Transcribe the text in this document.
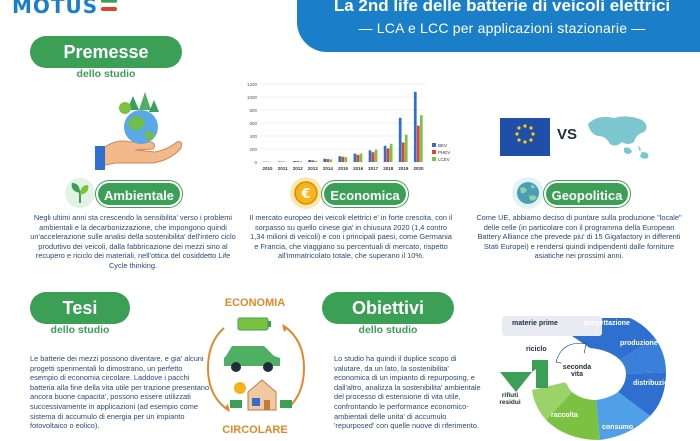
MOTUS	La 2nd life delle batterie di veicoli elettrici
— LCA e LCC per applicazioni stazionarie —
Premesse
dello studio
0
200
400
600
800
1000
1200
2010 2011 2012 2013 2014 2015 2016 2017 2018 2019 2020
BEV
PHEV
LCEV
VS
Ambientale
Negli ultimi anni sta crescendo la sensibilita' verso i problemi ambientali e la decarbonizzazione, che impongono quindi un'accelerazione sulle analisi della sostenibilita' dell'intero ciclo produttivo dei veicoli, dalla fabbricazione dei mezzi sino al recupero e riciclo dei materiali, nell'ottica del cosiddetto Life Cycle thinking.
€	Economica
Il mercato europeo dei veicoli elettrici e' in forte crescita, con il sorpasso su quello cinese gia' in chiusura 2020 (1,4 contro 1,34 milioni di veicoli) e con i principali paesi, come Germania e Francia, che viaggiano su percentuali di mercato, rispetto all'immatricolato totale, che superano il 10%.
Geopolitica
Come UE, abbiamo deciso di puntare sulla produzione "locale" delle celle (in particolare con il programma della European Battery Alliance che prevede piu' di 15 Gigafactory in differenti Stati Europei) e rendersi quindi indipendenti dalle forniture asiatiche nei prossimi anni.
Tesi
dello studio
Le batterie dei mezzi possono diventare, e gia' alcuni progetti sperimentali lo dimostrano, un perfetto esempio di economia circolare. Laddove i pacchi batteria alla fine della vita utile per trazione presentano ancora buone capacita', possono essere utilizzati successivamente in applicazioni (ad esempio come sistema di accumulo di energia per un impianto fotovoltaico o eolico).
ECONOMIA
CIRCOLARE
Obiettivi
dello studio
Lo studio ha quindi il duplice scopo di valutare, da un lato, la sostenibilita' economica di un impianto di repurposing, e dall'altro, analizza la sostenibilita' ambientale del processo di estensione di vita utile, confrontando le performance economico-ambientali delle unita' di accumulo 'repurposed' con quelle nuove di riferimento.
materie prime	progettazione
produzione
distribuzione
consumo
raccolta
riciclo
seconda vita
rifiuti residui
